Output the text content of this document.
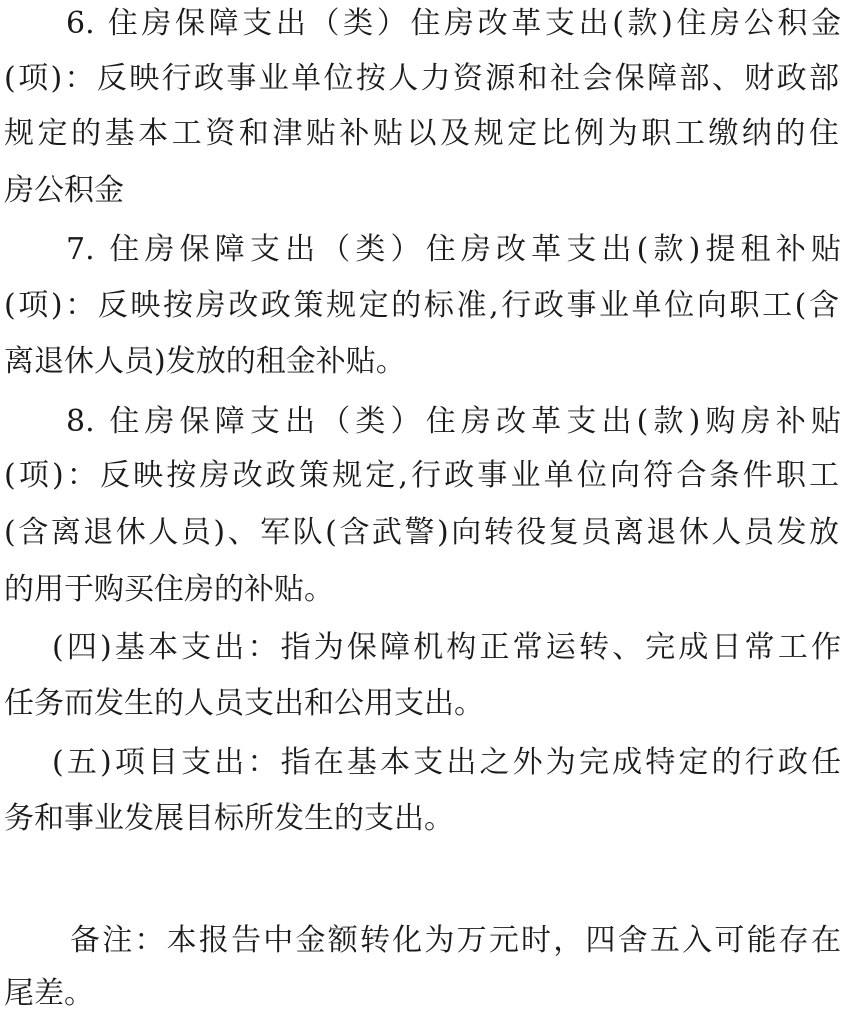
6. 住房保障支出（类）住房改革支出(款)住房公积金
(项)：反映行政事业单位按人力资源和社会保障部、财政部
规定的基本工资和津贴补贴以及规定比例为职工缴纳的住
房公积金
7. 住房保障支出（类）住房改革支出(款)提租补贴
(项)：反映按房改政策规定的标准,行政事业单位向职工(含
离退休人员)发放的租金补贴。
8. 住房保障支出（类）住房改革支出(款)购房补贴
(项)：反映按房改政策规定,行政事业单位向符合条件职工
(含离退休人员)、军队(含武警)向转役复员离退休人员发放
的用于购买住房的补贴。
(四)基本支出：指为保障机构正常运转、完成日常工作
任务而发生的人员支出和公用支出。
(五)项目支出：指在基本支出之外为完成特定的行政任
务和事业发展目标所发生的支出。
备注：本报告中金额转化为万元时，四舍五入可能存在
尾差。
